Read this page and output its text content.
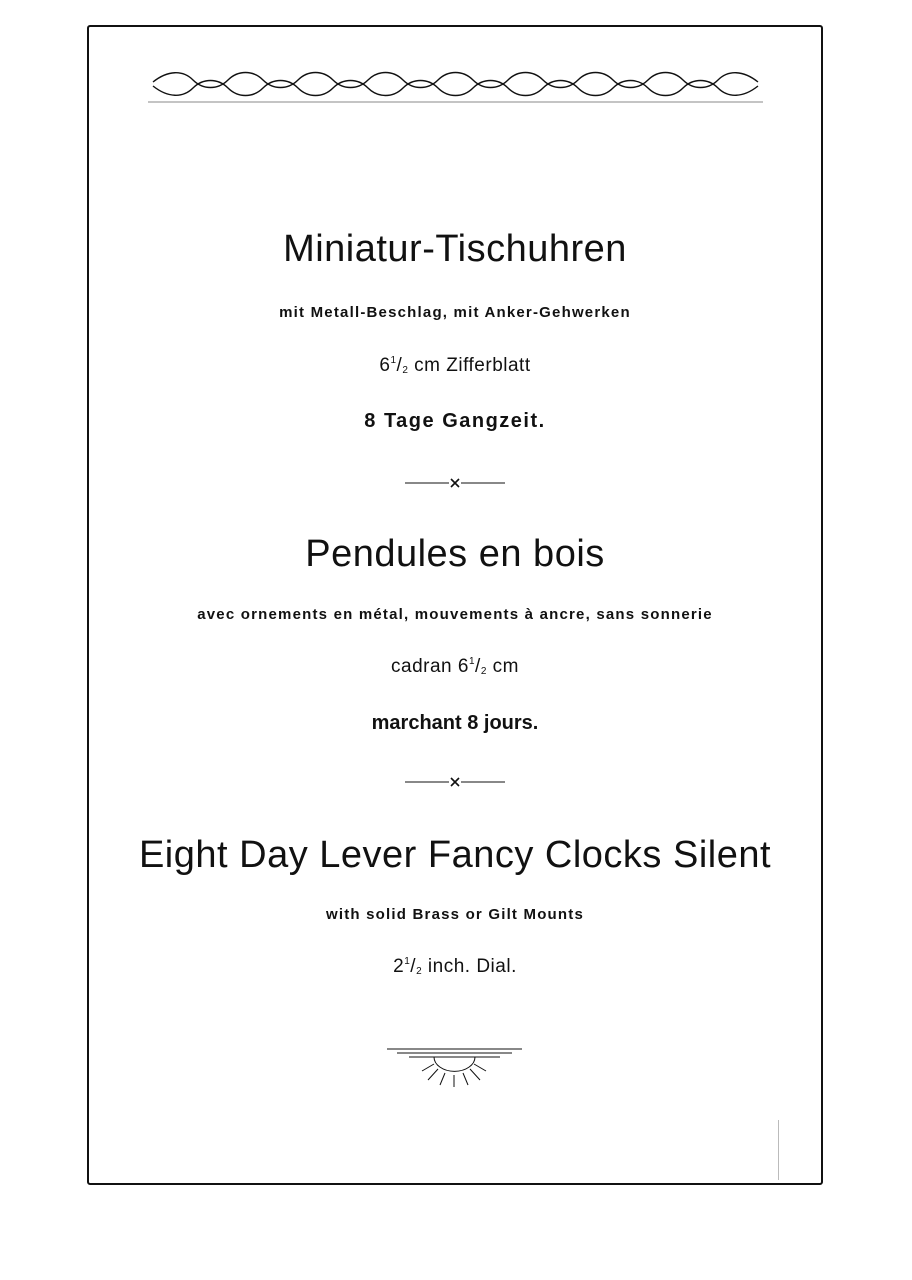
Miniatur-Tischuhren
mit Metall-Beschlag, mit Anker-Gehwerken
$6^1/_2$ cm Zifferblatt
8 Tage Gangzeit.
Pendules en bois
avec ornements en métal, mouvements à ancre, sans sonnerie
cadran $6^1/_2$ cm
marchant 8 jours.
Eight Day Lever Fancy Clocks Silent
with solid Brass or Gilt Mounts
$2^1/_2$ inch. Dial.
